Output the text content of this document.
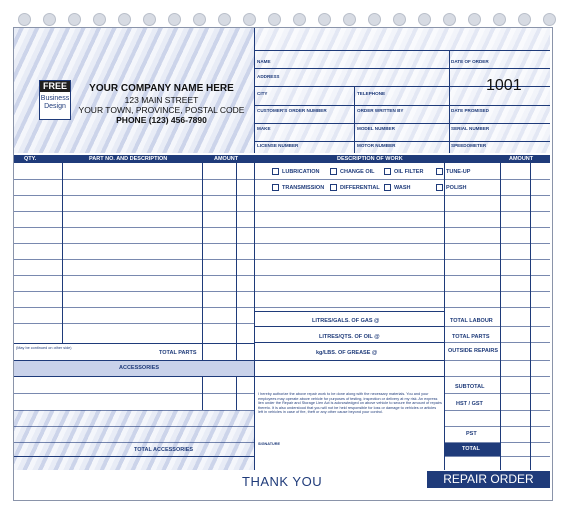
FREE
Business
Design
YOUR COMPANY NAME HERE
123 MAIN STREET
YOUR TOWN, PROVINCE, POSTAL CODE
PHONE (123) 456-7890
NAME	DATE OF ORDER
ADDRESS
CITY	TELEPHONE
CUSTOMER'S ORDER NUMBER	ORDER WRITTEN BY	DATE PROMISED
MAKE	MODEL NUMBER	SERIAL NUMBER
LICENSE NUMBER	MOTOR NUMBER	SPEEDOMETER
1001
QTY.	PART NO. AND DESCRIPTION	AMOUNT	DESCRIPTION OF WORK	AMOUNT
(May be continued on other side)
TOTAL PARTS
ACCESSORIES
TOTAL ACCESSORIES
LUBRICATION	CHANGE OIL	OIL FILTER	TUNE-UP
TRANSMISSION	DIFFERENTIAL	WASH	POLISH
LITRES/GALS. OF GAS @
LITRES/QTS. OF OIL @
kg/LBS. OF GREASE @
TOTAL LABOUR
TOTAL PARTS
OUTSIDE REPAIRS
SUBTOTAL
HST / GST
PST
TOTAL
I hereby authorize the above repair work to be done along with the necessary materials. You and your employees may operate above vehicle for purposes of testing, inspection or delivery at my risk. An express lien under the Repair and Storage Lien Act is acknowledged on above vehicle to secure the amount of repairs thereto. It is also understood that you will not be held responsible for loss or damage to vehicles or articles left in vehicles in case of fire, theft or any other cause beyond your control.
SIGNATURE
THANK YOU	REPAIR ORDER
